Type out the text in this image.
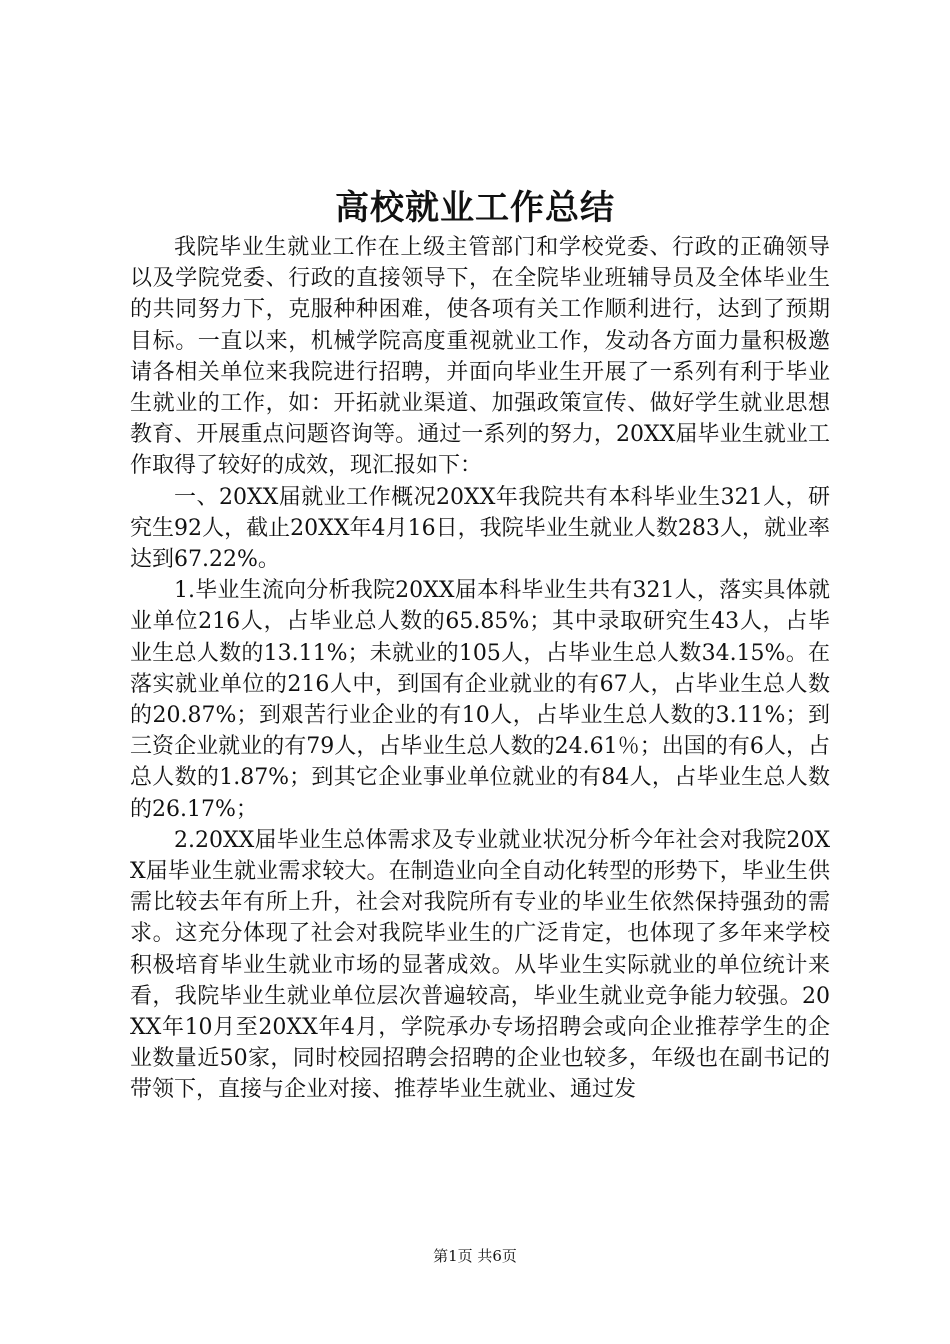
高校就业工作总结

我院毕业生就业工作在上级主管部门和学校党委、行政的正确领导以及学院党委、行政的直接领导下，在全院毕业班辅导员及全体毕业生的共同努力下，克服种种困难，使各项有关工作顺利进行，达到了预期目标。一直以来，机械学院高度重视就业工作，发动各方面力量积极邀请各相关单位来我院进行招聘，并面向毕业生开展了一系列有利于毕业生就业的工作，如：开拓就业渠道、加强政策宣传、做好学生就业思想教育、开展重点问题咨询等。通过一系列的努力，20XX届毕业生就业工作取得了较好的成效，现汇报如下：

一、20XX届就业工作概况20XX年我院共有本科毕业生321人，研究生92人，截止20XX年4月16日，我院毕业生就业人数283人，就业率达到67.22%。

1.毕业生流向分析我院20XX届本科毕业生共有321人，落实具体就业单位216人，占毕业总人数的65.85%；其中录取研究生43人，占毕业生总人数的13.11%；未就业的105人，占毕业生总人数34.15%。在落实就业单位的216人中，到国有企业就业的有67人，占毕业生总人数的20.87%；到艰苦行业企业的有10人，占毕业生总人数的3.11%；到三资企业就业的有79人，占毕业生总人数的24.61％；出国的有6人，占总人数的1.87%；到其它企业事业单位就业的有84人，占毕业生总人数的26.17%；

2.20XX届毕业生总体需求及专业就业状况分析今年社会对我院20XX届毕业生就业需求较大。在制造业向全自动化转型的形势下，毕业生供需比较去年有所上升，社会对我院所有专业的毕业生依然保持强劲的需求。这充分体现了社会对我院毕业生的广泛肯定，也体现了多年来学校积极培育毕业生就业市场的显著成效。从毕业生实际就业的单位统计来看，我院毕业生就业单位层次普遍较高，毕业生就业竞争能力较强。20XX年10月至20XX年4月，学院承办专场招聘会或向企业推荐学生的企业数量近50家，同时校园招聘会招聘的企业也较多，年级也在副书记的带领下，直接与企业对接、推荐毕业生就业、通过发

第1页 共6页
